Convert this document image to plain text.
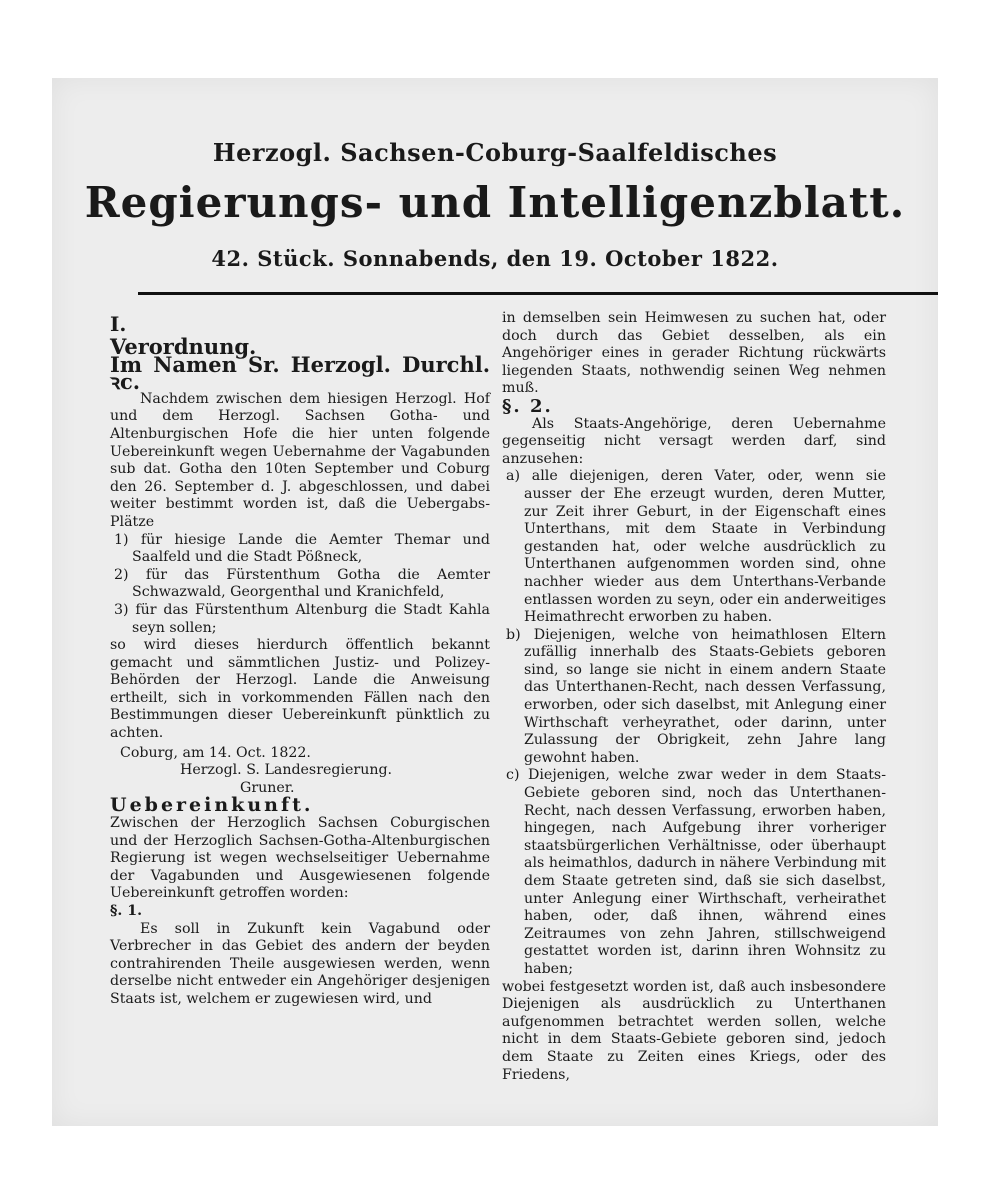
Herzogl. Sachsen-Coburg-Saalfeldisches
Regierungs- und Intelligenzblatt.
42. Stück. Sonnabends, den 19. October 1822.

I.

Verordnung.

Im Namen Sr. Herzogl. Durchl. ꝛc.

Nachdem zwischen dem hiesigen Herzogl. Hof und dem Herzogl. Sachsen Gotha- und Altenburgischen Hofe die hier unten folgende Uebereinkunft wegen Uebernahme der Vagabunden sub dat. Gotha den 10ten September und Coburg den 26. September d. J. abgeschlossen, und dabei weiter bestimmt worden ist, daß die Uebergabs-Plätze

1) für hiesige Lande die Aemter Themar und Saalfeld und die Stadt Pößneck,

2) für das Fürstenthum Gotha die Aemter Schwazwald, Georgenthal und Kranichfeld,

3) für das Fürstenthum Altenburg die Stadt Kahla seyn sollen;

so wird dieses hierdurch öffentlich bekannt gemacht und sämmtlichen Justiz- und Polizey-Behörden der Herzogl. Lande die Anweisung ertheilt, sich in vorkommenden Fällen nach den Bestimmungen dieser Uebereinkunft pünktlich zu achten.

Coburg, am 14. Oct. 1822.

Herzogl. S. Landesregierung.

Gruner.

Uebereinkunft.

Zwischen der Herzoglich Sachsen Coburgischen und der Herzoglich Sachsen-Gotha-Altenburgischen Regierung ist wegen wechselseitiger Uebernahme der Vagabunden und Ausgewiesenen folgende Uebereinkunft getroffen worden:

§. 1.

Es soll in Zukunft kein Vagabund oder Verbrecher in das Gebiet des andern der beyden contrahirenden Theile ausgewiesen werden, wenn derselbe nicht entweder ein Angehöriger desjenigen Staats ist, welchem er zugewiesen wird, und

in demselben sein Heimwesen zu suchen hat, oder doch durch das Gebiet desselben, als ein Angehöriger eines in gerader Richtung rückwärts liegenden Staats, nothwendig seinen Weg nehmen muß.

§. 2.

Als Staats-Angehörige, deren Uebernahme gegenseitig nicht versagt werden darf, sind anzusehen:

a) alle diejenigen, deren Vater, oder, wenn sie ausser der Ehe erzeugt wurden, deren Mutter, zur Zeit ihrer Geburt, in der Eigenschaft eines Unterthans, mit dem Staate in Verbindung gestanden hat, oder welche ausdrücklich zu Unterthanen aufgenommen worden sind, ohne nachher wieder aus dem Unterthans-Verbande entlassen worden zu seyn, oder ein anderweitiges Heimathrecht erworben zu haben.

b) Diejenigen, welche von heimathlosen Eltern zufällig innerhalb des Staats-Gebiets geboren sind, so lange sie nicht in einem andern Staate das Unterthanen-Recht, nach dessen Verfassung, erworben, oder sich daselbst, mit Anlegung einer Wirthschaft verheyrathet, oder darinn, unter Zulassung der Obrigkeit, zehn Jahre lang gewohnt haben.

c) Diejenigen, welche zwar weder in dem Staats-Gebiete geboren sind, noch das Unterthanen-Recht, nach dessen Verfassung, erworben haben, hingegen, nach Aufgebung ihrer vorheriger staatsbürgerlichen Verhältnisse, oder überhaupt als heimathlos, dadurch in nähere Verbindung mit dem Staate getreten sind, daß sie sich daselbst, unter Anlegung einer Wirthschaft, verheirathet haben, oder, daß ihnen, während eines Zeitraumes von zehn Jahren, stillschweigend gestattet worden ist, darinn ihren Wohnsitz zu haben;

wobei festgesetzt worden ist, daß auch insbesondere Diejenigen als ausdrücklich zu Unterthanen aufgenommen betrachtet werden sollen, welche nicht in dem Staats-Gebiete geboren sind, jedoch dem Staate zu Zeiten eines Kriegs, oder des Friedens,
